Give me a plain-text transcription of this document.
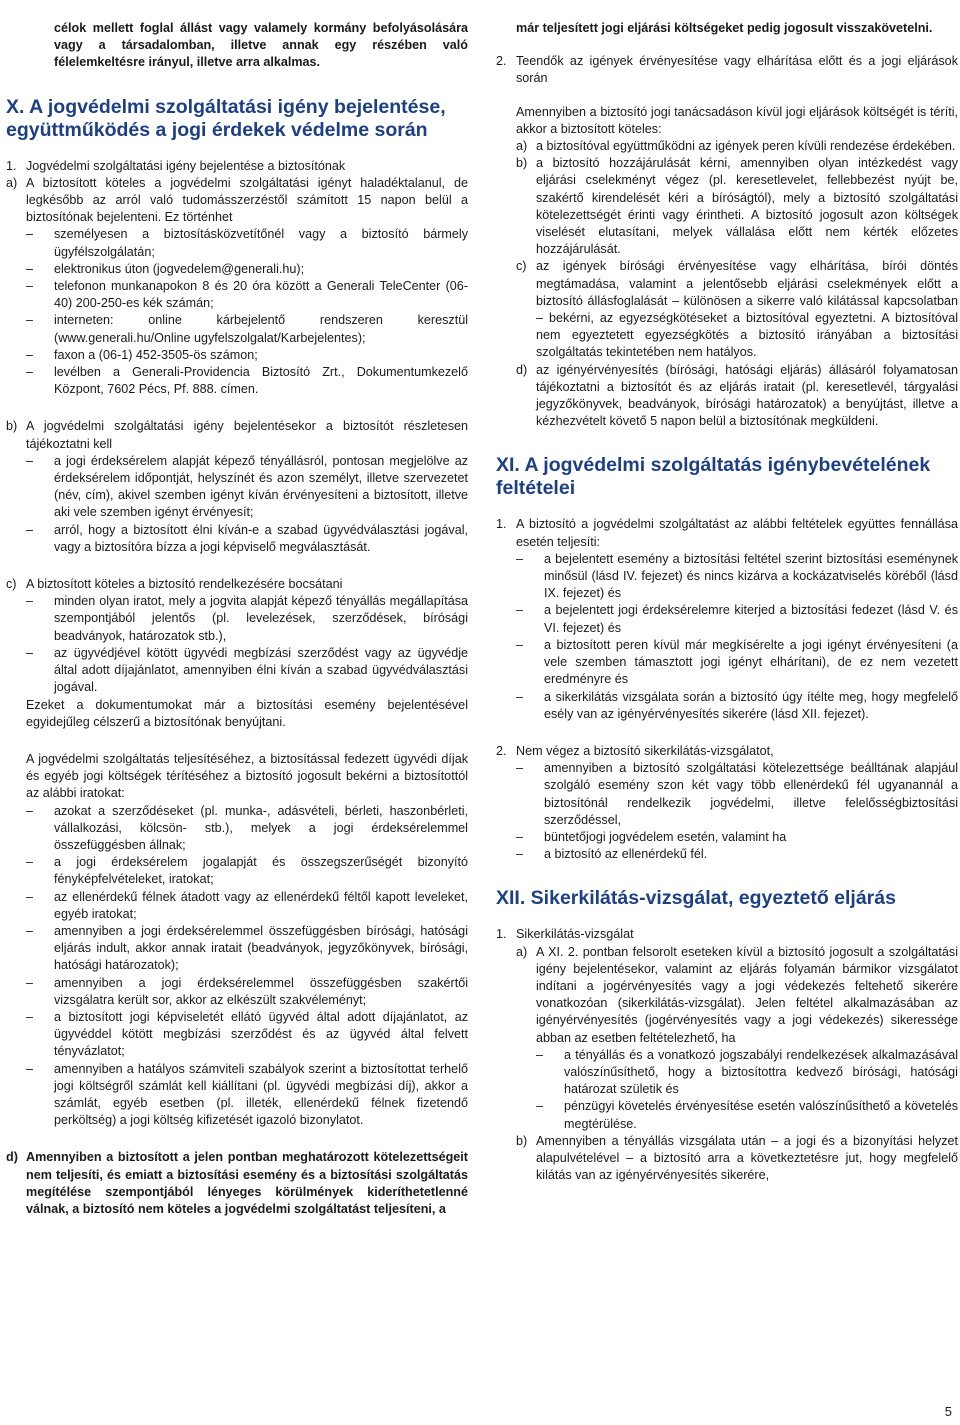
célok mellett foglal állást vagy valamely kormány befolyásolására vagy a társadalomban, illetve annak egy részében való félelemkeltésre irányul, illetve arra alkalmas.

X. A jogvédelmi szolgáltatási igény bejelentése, együttműködés a jogi érdekek védelme során
1. Jogvédelmi szolgáltatási igény bejelentése a biztosítónak

a) A biztosított köteles a jogvédelmi szolgáltatási igényt haladéktalanul, de legkésőbb az arról való tudomásszerzéstől számított 15 napon belül a biztosítónak bejelenteni. Ez történhet

– személyesen a biztosításközvetítőnél vagy a biztosító bármely ügyfélszolgálatán;

– elektronikus úton (jogvedelem@generali.hu);

– telefonon munkanapokon 8 és 20 óra között a Generali TeleCenter (06-40) 200-250-es kék számán;

– interneten: online kárbejelentő rendszeren keresztül (www.generali.hu/Online ugyfelszolgalat/Karbejelentes);

– faxon a (06-1) 452-3505-ös számon;

– levélben a Generali-Providencia Biztosító Zrt., Dokumentumkezelő Központ, 7602 Pécs, Pf. 888. címen.

b) A jogvédelmi szolgáltatási igény bejelentésekor a biztosítót részletesen tájékoztatni kell

– a jogi érdeksérelem alapját képező tényállásról, pontosan megjelölve az érdeksérelem időpontját, helyszínét és azon személyt, illetve szervezetet (név, cím), akivel szemben igényt kíván érvényesíteni a biztosított, illetve aki vele szemben igényt érvényesít;

– arról, hogy a biztosított élni kíván-e a szabad ügyvédválasztási jogával, vagy a biztosítóra bízza a jogi képviselő megválasztását.

c) A biztosított köteles a biztosító rendelkezésére bocsátani

– minden olyan iratot, mely a jogvita alapját képező tényállás megállapítása szempontjából jelentős (pl. levelezések, szerződések, bírósági beadványok, határozatok stb.),

– az ügyvédjével kötött ügyvédi megbízási szerződést vagy az ügyvédje által adott díjajánlatot, amennyiben élni kíván a szabad ügyvédválasztási jogával.

Ezeket a dokumentumokat már a biztosítási esemény bejelentésével egyidejűleg célszerű a biztosítónak benyújtani.

A jogvédelmi szolgáltatás teljesítéséhez, a biztosítással fedezett ügyvédi díjak és egyéb jogi költségek térítéséhez a biztosító jogosult bekérni a biztosítottól az alábbi iratokat:

– azokat a szerződéseket (pl. munka-, adásvételi, bérleti, haszonbérleti, vállalkozási, kölcsön- stb.), melyek a jogi érdeksérelemmel összefüggésben állnak;

– a jogi érdeksérelem jogalapját és összegszerűségét bizonyító fényképfelvételeket, iratokat;

– az ellenérdekű félnek átadott vagy az ellenérdekű féltől kapott leveleket, egyéb iratokat;

– amennyiben a jogi érdeksérelemmel összefüggésben bírósági, hatósági eljárás indult, akkor annak iratait (beadványok, jegyzőkönyvek, bírósági, hatósági határozatok);

– amennyiben a jogi érdeksérelemmel összefüggésben szakértői vizsgálatra került sor, akkor az elkészült szakvéleményt;

– a biztosított jogi képviseletét ellátó ügyvéd által adott díjajánlatot, az ügyvéddel kötött megbízási szerződést és az ügyvéd által felvett tényvázlatot;

– amennyiben a hatályos számviteli szabályok szerint a biztosítottat terhelő jogi költségről számlát kell kiállítani (pl. ügyvédi megbízási díj), akkor a számlát, egyéb esetben (pl. illeték, ellenérdekű félnek fizetendő perköltség) a jogi költség kifizetését igazoló bizonylatot.

d) Amennyiben a biztosított a jelen pontban meghatározott kötelezettségeit nem teljesíti, és emiatt a biztosítási esemény és a biztosítási szolgáltatás megítélése szempontjából lényeges körülmények kideríthetetlenné válnak, a biztosító nem köteles a jogvédelmi szolgáltatást teljesíteni, a

már teljesített jogi eljárási költségeket pedig jogosult visszakövetelni.

2. Teendők az igények érvényesítése vagy elhárítása előtt és a jogi eljárások során

Amennyiben a biztosító jogi tanácsadáson kívül jogi eljárások költségét is téríti, akkor a biztosított köteles:

a) a biztosítóval együttműködni az igények peren kívüli rendezése érdekében.

b) a biztosító hozzájárulását kérni, amennyiben olyan intézkedést vagy eljárási cselekményt végez (pl. keresetlevelet, fellebbezést nyújt be, szakértő kirendelését kéri a bíróságtól), mely a biztosító szolgáltatási kötelezettségét érinti vagy érintheti. A biztosító jogosult azon költségek viselését elutasítani, melyek vállalása előtt nem kérték előzetes hozzájárulását.

c) az igények bírósági érvényesítése vagy elhárítása, bírói döntés megtámadása, valamint a jelentősebb eljárási cselekmények előtt a biztosító állásfoglalását – különösen a sikerre való kilátással kapcsolatban – bekérni, az egyezségkötéseket a biztosítóval egyeztetni. A biztosítóval nem egyeztetett egyezségkötés a biztosító irányában a biztosítási szolgáltatás tekintetében nem hatályos.

d) az igényérvényesítés (bírósági, hatósági eljárás) állásáról folyamatosan tájékoztatni a biztosítót és az eljárás iratait (pl. keresetlevél, tárgyalási jegyzőkönyvek, beadványok, bírósági határozatok) a benyújtást, illetve a kézhezvételt követő 5 napon belül a biztosítónak megküldeni.

XI. A jogvédelmi szolgáltatás igénybevételének feltételei
1. A biztosító a jogvédelmi szolgáltatást az alábbi feltételek együttes fennállása esetén teljesíti:

– a bejelentett esemény a biztosítási feltétel szerint biztosítási eseménynek minősül (lásd IV. fejezet) és nincs kizárva a kockázatviselés köréből (lásd IX. fejezet) és

– a bejelentett jogi érdeksérelemre kiterjed a biztosítási fedezet (lásd V. és VI. fejezet) és

– a biztosított peren kívül már megkísérelte a jogi igényt érvényesíteni (a vele szemben támasztott jogi igényt elhárítani), de ez nem vezetett eredményre és

– a sikerkilátás vizsgálata során a biztosító úgy ítélte meg, hogy megfelelő esély van az igényérvényesítés sikerére (lásd XII. fejezet).

2. Nem végez a biztosító sikerkilátás-vizsgálatot,

– amennyiben a biztosító szolgáltatási kötelezettsége beálltának alapjául szolgáló esemény szon két vagy több ellenérdekű fél ugyanannál a biztosítónál rendelkezik jogvédelmi, illetve felelősségbiztosítási szerződéssel,

– büntetőjogi jogvédelem esetén, valamint ha

– a biztosító az ellenérdekű fél.

XII. Sikerkilátás-vizsgálat, egyeztető eljárás
1. Sikerkilátás-vizsgálat

a) A XI. 2. pontban felsorolt eseteken kívül a biztosító jogosult a szolgáltatási igény bejelentésekor, valamint az eljárás folyamán bármikor vizsgálatot indítani a jogérvényesítés vagy a jogi védekezés feltehető sikerére vonatkozóan (sikerkilátás-vizsgálat). Jelen feltétel alkalmazásában az igényérvényesítés (jogérvényesítés vagy a jogi védekezés) sikeressége abban az esetben feltételezhető, ha

– a tényállás és a vonatkozó jogszabályi rendelkezések alkalmazásával valószínűsíthető, hogy a biztosítottra kedvező bírósági, hatósági határozat születik és

– pénzügyi követelés érvényesítése esetén valószínűsíthető a követelés megtérülése.

b) Amennyiben a tényállás vizsgálata után – a jogi és a bizonyítási helyzet alapulvételével – a biztosító arra a következtetésre jut, hogy megfelelő kilátás van az igényérvényesítés sikerére,

5
